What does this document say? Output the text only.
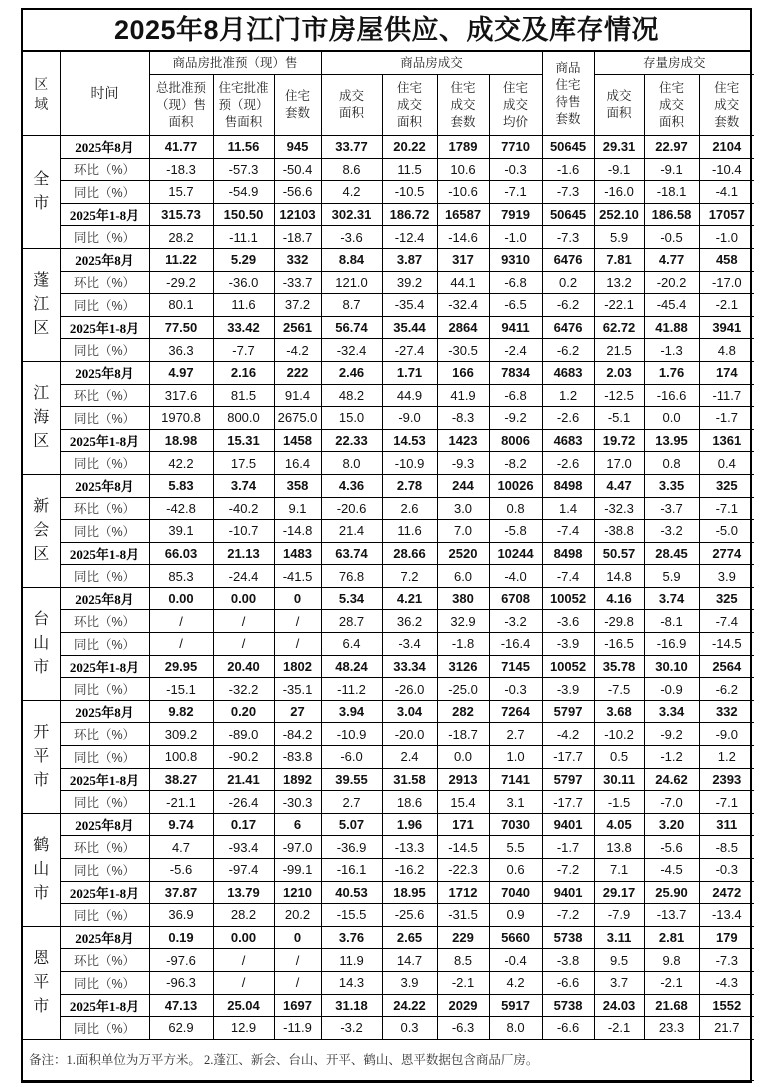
2025年8月江门市房屋供应、成交及库存情况
区域	时间	商品房批准预（现）售			商品房成交				商品住宅待售套数	存量房成交		

		总批准预（现）售面积	住宅批准预（现）售面积	住宅套数	成交面积	住宅成交面积	住宅成交套数	住宅成交均价		成交面积	住宅成交面积	住宅成交套数

全市	2025年8月	41.77	11.56	945	33.77	20.22	1789	7710	50645	29.31	22.97	2104
	环比（%）	-18.3	-57.3	-50.4	8.6	11.5	10.6	-0.3	-1.6	-9.1	-9.1	-10.4
	同比（%）	15.7	-54.9	-56.6	4.2	-10.5	-10.6	-7.1	-7.3	-16.0	-18.1	-4.1
	2025年1-8月	315.73	150.50	12103	302.31	186.72	16587	7919	50645	252.10	186.58	17057
	同比（%）	28.2	-11.1	-18.7	-3.6	-12.4	-14.6	-1.0	-7.3	5.9	-0.5	-1.0

蓬江区	2025年8月	11.22	5.29	332	8.84	3.87	317	9310	6476	7.81	4.77	458
	环比（%）	-29.2	-36.0	-33.7	121.0	39.2	44.1	-6.8	0.2	13.2	-20.2	-17.0
	同比（%）	80.1	11.6	37.2	8.7	-35.4	-32.4	-6.5	-6.2	-22.1	-45.4	-2.1
	2025年1-8月	77.50	33.42	2561	56.74	35.44	2864	9411	6476	62.72	41.88	3941
	同比（%）	36.3	-7.7	-4.2	-32.4	-27.4	-30.5	-2.4	-6.2	21.5	-1.3	4.8

江海区	2025年8月	4.97	2.16	222	2.46	1.71	166	7834	4683	2.03	1.76	174
	环比（%）	317.6	81.5	91.4	48.2	44.9	41.9	-6.8	1.2	-12.5	-16.6	-11.7
	同比（%）	1970.8	800.0	2675.0	15.0	-9.0	-8.3	-9.2	-2.6	-5.1	0.0	-1.7
	2025年1-8月	18.98	15.31	1458	22.33	14.53	1423	8006	4683	19.72	13.95	1361
	同比（%）	42.2	17.5	16.4	8.0	-10.9	-9.3	-8.2	-2.6	17.0	0.8	0.4

新会区	2025年8月	5.83	3.74	358	4.36	2.78	244	10026	8498	4.47	3.35	325
	环比（%）	-42.8	-40.2	9.1	-20.6	2.6	3.0	0.8	1.4	-32.3	-3.7	-7.1
	同比（%）	39.1	-10.7	-14.8	21.4	11.6	7.0	-5.8	-7.4	-38.8	-3.2	-5.0
	2025年1-8月	66.03	21.13	1483	63.74	28.66	2520	10244	8498	50.57	28.45	2774
	同比（%）	85.3	-24.4	-41.5	76.8	7.2	6.0	-4.0	-7.4	14.8	5.9	3.9

台山市	2025年8月	0.00	0.00	0	5.34	4.21	380	6708	10052	4.16	3.74	325
	环比（%）	/	/	/	28.7	36.2	32.9	-3.2	-3.6	-29.8	-8.1	-7.4
	同比（%）	/	/	/	6.4	-3.4	-1.8	-16.4	-3.9	-16.5	-16.9	-14.5
	2025年1-8月	29.95	20.40	1802	48.24	33.34	3126	7145	10052	35.78	30.10	2564
	同比（%）	-15.1	-32.2	-35.1	-11.2	-26.0	-25.0	-0.3	-3.9	-7.5	-0.9	-6.2

开平市	2025年8月	9.82	0.20	27	3.94	3.04	282	7264	5797	3.68	3.34	332
	环比（%）	309.2	-89.0	-84.2	-10.9	-20.0	-18.7	2.7	-4.2	-10.2	-9.2	-9.0
	同比（%）	100.8	-90.2	-83.8	-6.0	2.4	0.0	1.0	-17.7	0.5	-1.2	1.2
	2025年1-8月	38.27	21.41	1892	39.55	31.58	2913	7141	5797	30.11	24.62	2393
	同比（%）	-21.1	-26.4	-30.3	2.7	18.6	15.4	3.1	-17.7	-1.5	-7.0	-7.1

鹤山市	2025年8月	9.74	0.17	6	5.07	1.96	171	7030	9401	4.05	3.20	311
	环比（%）	4.7	-93.4	-97.0	-36.9	-13.3	-14.5	5.5	-1.7	13.8	-5.6	-8.5
	同比（%）	-5.6	-97.4	-99.1	-16.1	-16.2	-22.3	0.6	-7.2	7.1	-4.5	-0.3
	2025年1-8月	37.87	13.79	1210	40.53	18.95	1712	7040	9401	29.17	25.90	2472
	同比（%）	36.9	28.2	20.2	-15.5	-25.6	-31.5	0.9	-7.2	-7.9	-13.7	-13.4

恩平市	2025年8月	0.19	0.00	0	3.76	2.65	229	5660	5738	3.11	2.81	179
	环比（%）	-97.6	/	/	11.9	14.7	8.5	-0.4	-3.8	9.5	9.8	-7.3
	同比（%）	-96.3	/	/	14.3	3.9	-2.1	4.2	-6.6	3.7	-2.1	-4.3
	2025年1-8月	47.13	25.04	1697	31.18	24.22	2029	5917	5738	24.03	21.68	1552
	同比（%）	62.9	12.9	-11.9	-3.2	0.3	-6.3	8.0	-6.6	-2.1	23.3	21.7
备注：1.面积单位为万平方米。 2.蓬江、新会、台山、开平、鹤山、恩平数据包含商品厂房。												
